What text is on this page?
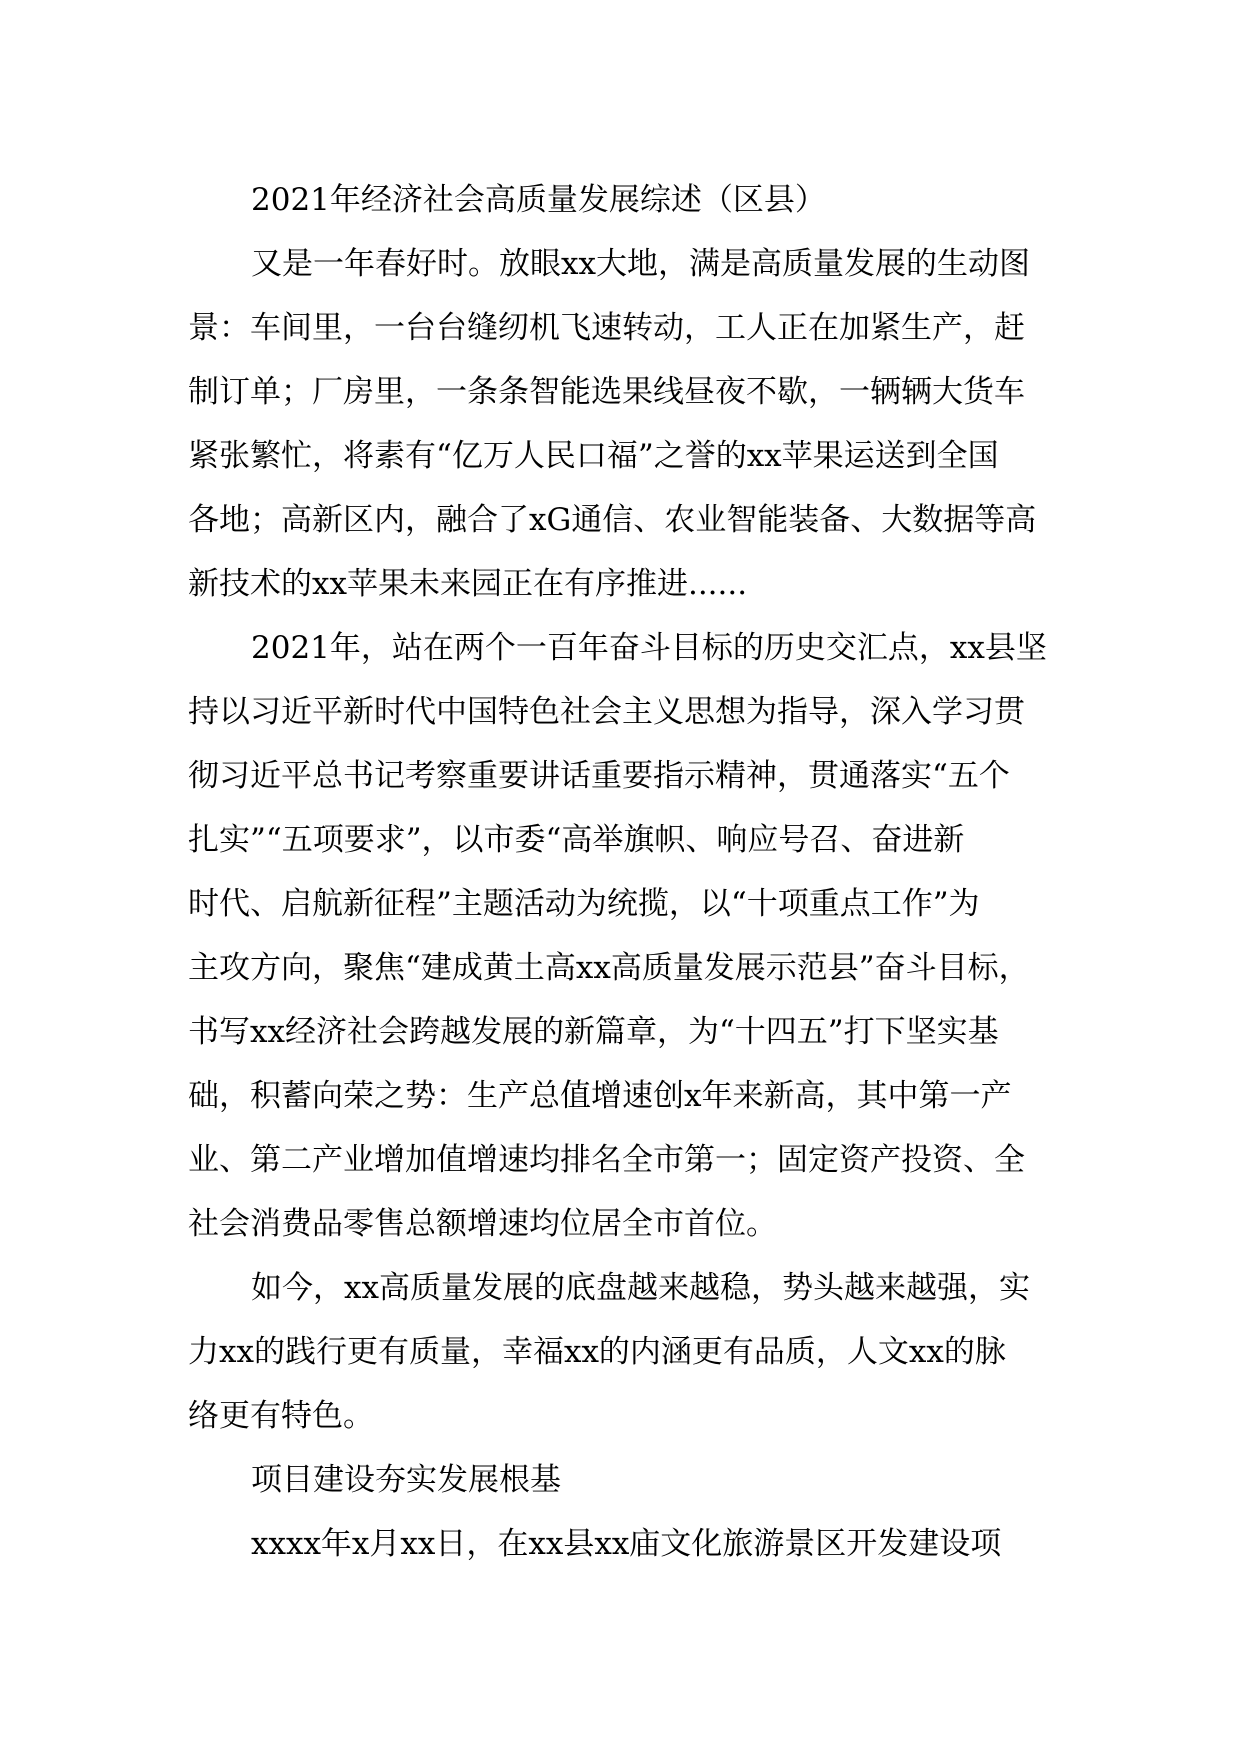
2021年经济社会高质量发展综述（区县）
又是一年春好时。放眼xx大地，满是高质量发展的生动图
景：车间里，一台台缝纫机飞速转动，工人正在加紧生产，赶
制订单；厂房里，一条条智能选果线昼夜不歇，一辆辆大货车
紧张繁忙，将素有“亿万人民口福”之誉的xx苹果运送到全国
各地；高新区内，融合了xG通信、农业智能装备、大数据等高
新技术的xx苹果未来园正在有序推进......
2021年，站在两个一百年奋斗目标的历史交汇点，xx县坚
持以习近平新时代中国特色社会主义思想为指导，深入学习贯
彻习近平总书记考察重要讲话重要指示精神，贯通落实“五个
扎实”“五项要求”，以市委“高举旗帜、响应号召、奋进新
时代、启航新征程”主题活动为统揽，以“十项重点工作”为
主攻方向，聚焦“建成黄土高xx高质量发展示范县”奋斗目标，
书写xx经济社会跨越发展的新篇章，为“十四五”打下坚实基
础，积蓄向荣之势：生产总值增速创x年来新高，其中第一产
业、第二产业增加值增速均排名全市第一；固定资产投资、全
社会消费品零售总额增速均位居全市首位。
如今，xx高质量发展的底盘越来越稳，势头越来越强，实
力xx的践行更有质量，幸福xx的内涵更有品质，人文xx的脉
络更有特色。
项目建设夯实发展根基
xxxx年x月xx日，在xx县xx庙文化旅游景区开发建设项
